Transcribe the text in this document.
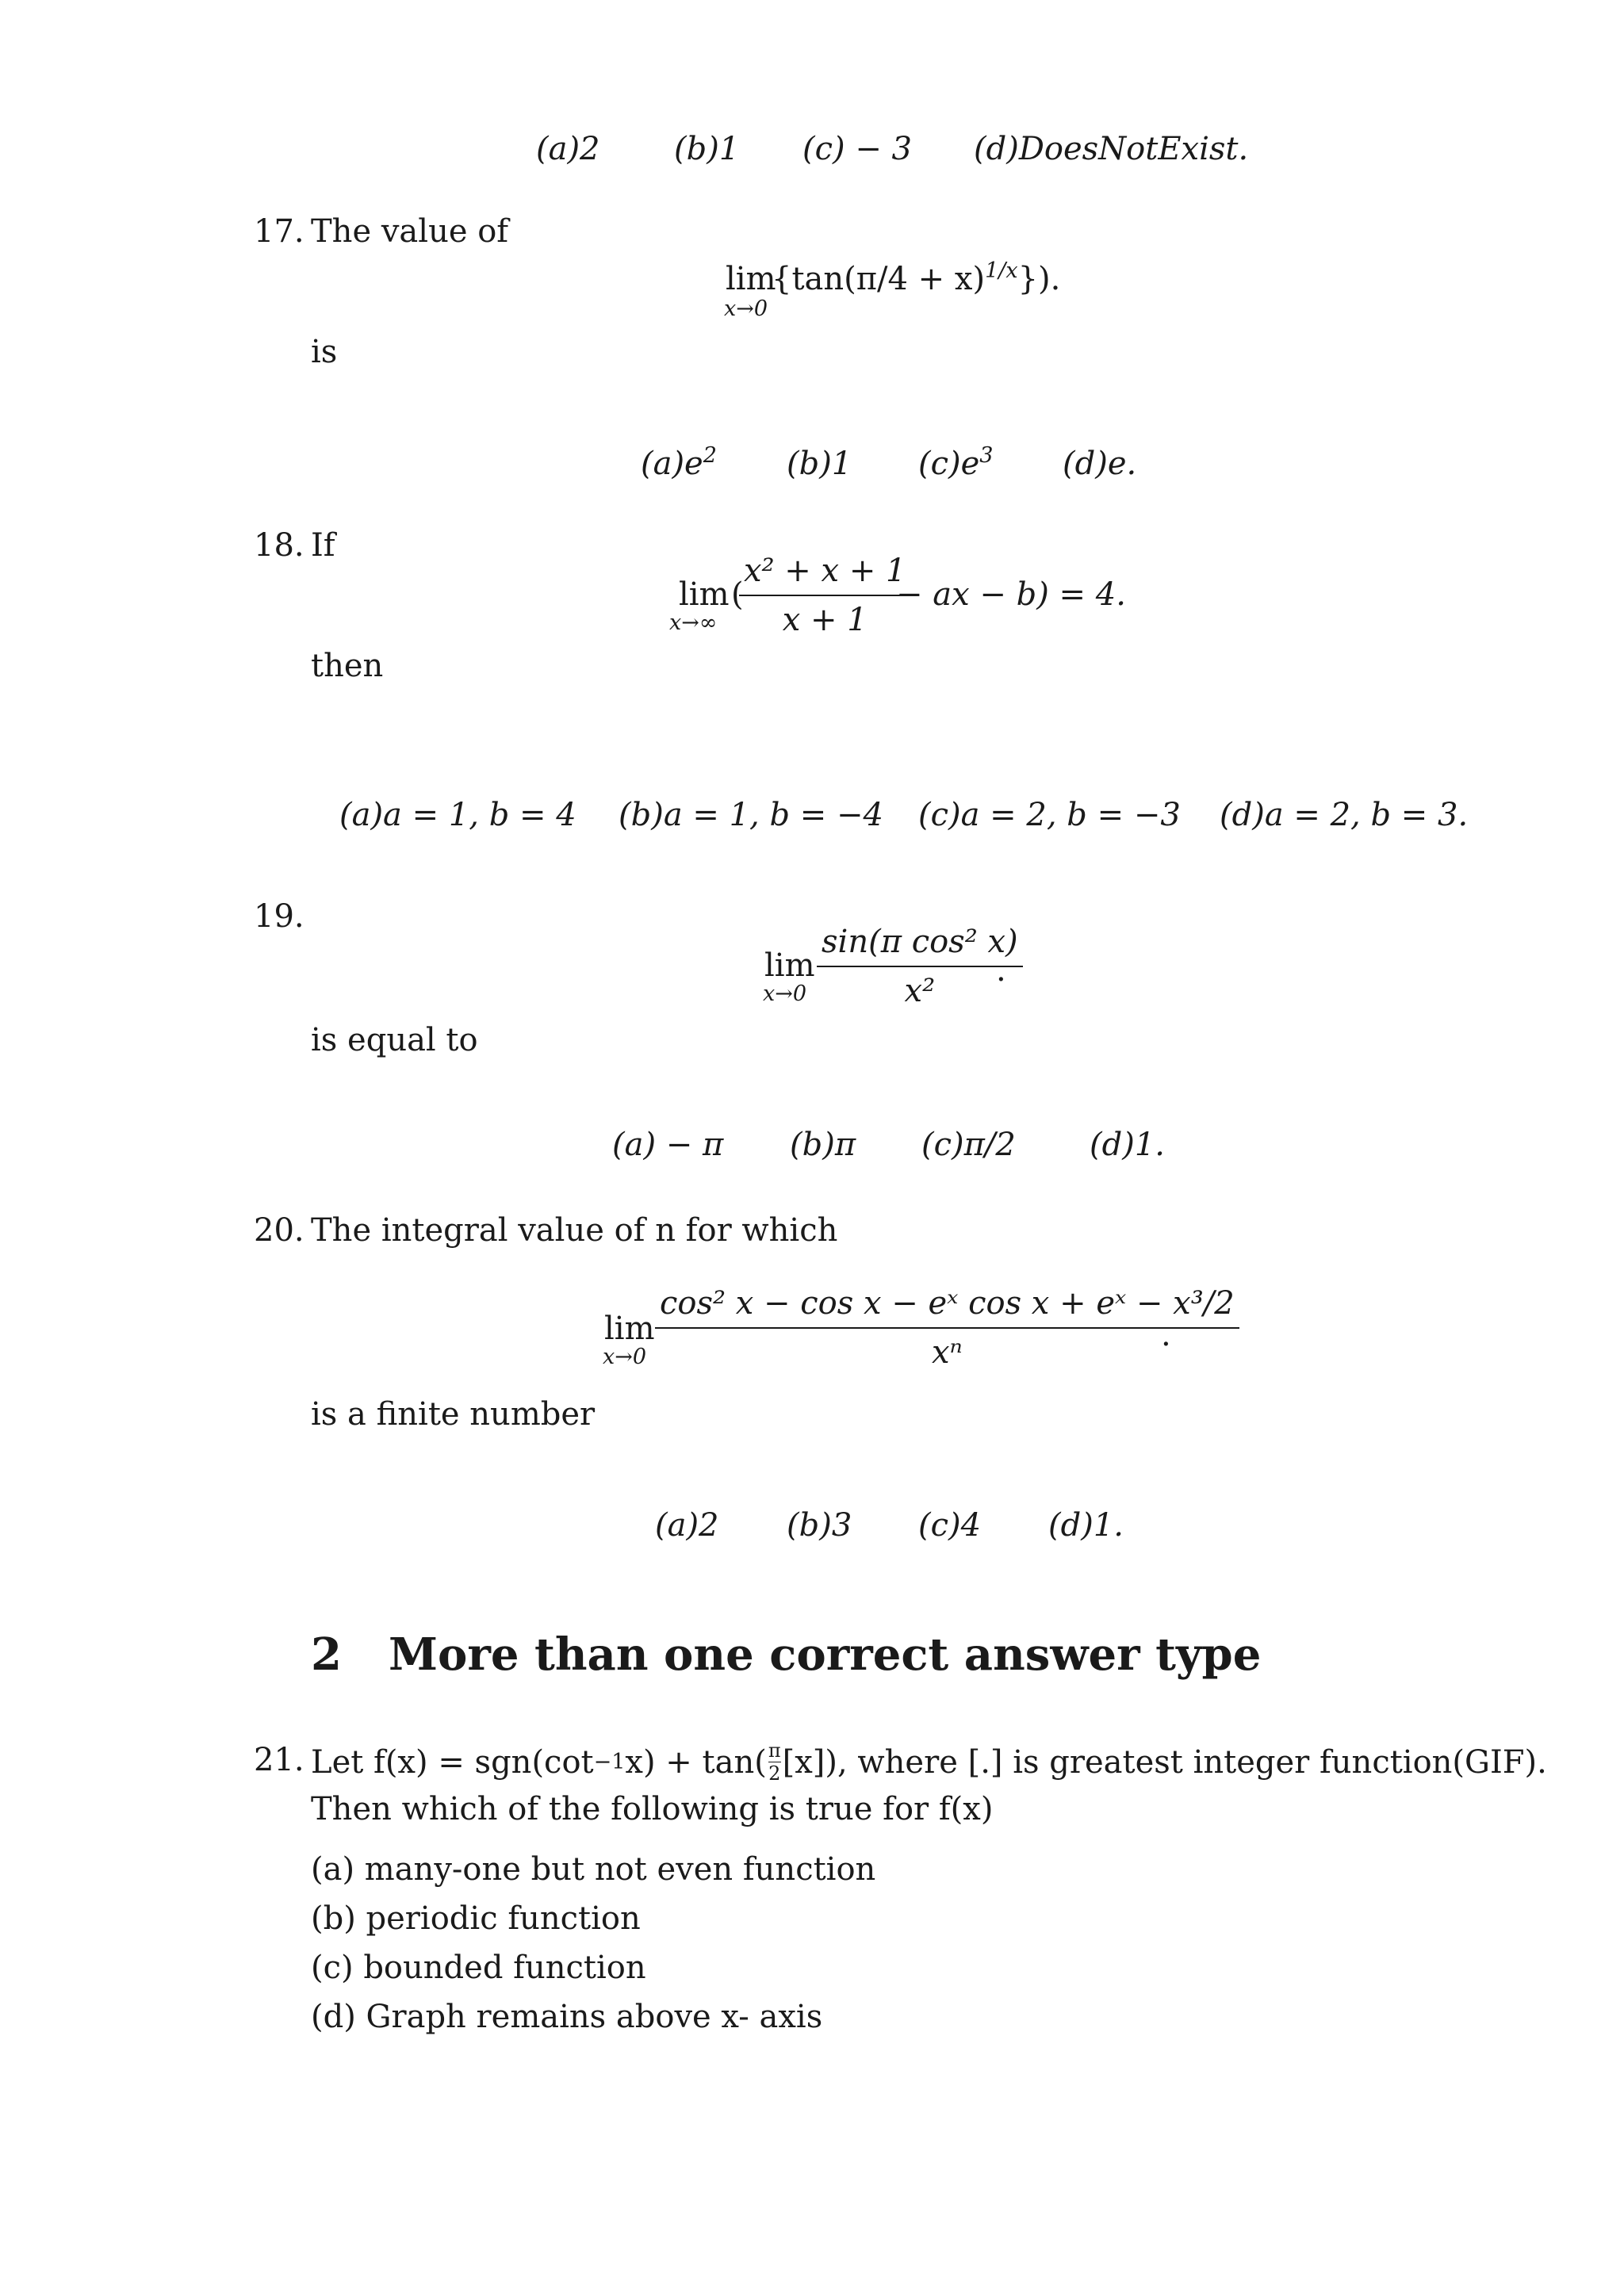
(a)2 (b)1 (c) − 3 (d)DoesNotExist.
17. The value of
lim
x→0
$\{\tan(\pi/4 + x)^{1/x}\}$).
is
$(a)e^2$ (b)1 $(c)e^3$ (d)e.
18. If
lim
x→∞
(
x² + x + 1
x + 1
− ax − b) = 4.
then
(a)a = 1, b = 4 (b)a = 1, b = −4 (c)a = 2, b = −3 (d)a = 2, b = 3.
19.
lim
x→0
sin(π cos² x)
x²
.
is equal to
(a) − π (b)π (c)π/2 (d)1.
20. The integral value of n for which
lim
x→0
cos² x − cos x − eˣ cos x + eˣ − x³/2
xⁿ	.
is a finite number
(a)2 (b)3 (c)4 (d)1.
2 More than one correct answer type
21. Let f(x) = sgn(cot −1 x) + tan( π
2 [x]), where [.] is greatest integer function(GIF).
Then which of the following is true for f(x)
(a) many-one but not even function
(b) periodic function
(c) bounded function
(d) Graph remains above x- axis
